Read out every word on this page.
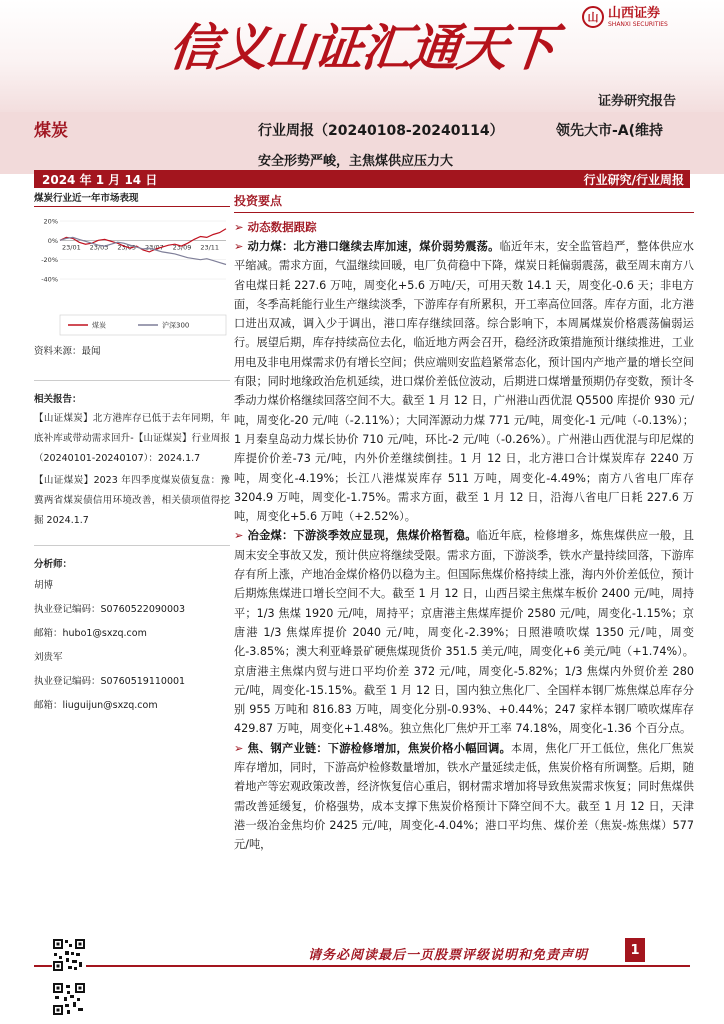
信义山证汇通天下
山 山西证券
SHANXI SECURITIES
证券研究报告
煤炭	行业周报（20240108-20240114）	领先大市-A(维持
安全形势严峻，主焦煤供应压力大
2024 年 1 月 14 日	行业研究/行业周报
煤炭行业近一年市场表现
20%
0%
-20%
-40%
23/01 23/03 23/05 23/07 23/09 23/11
煤炭	沪深300
资料来源：最闻
相关报告：
【山证煤炭】北方港库存已低于去年同期，年底补库或带动需求回升-【山证煤炭】行业周报（20240101-20240107）：2024.1.7
【山证煤炭】2023 年四季度煤炭债复盘：豫冀两省煤炭债信用环境改善，相关债项值得挖掘 2024.1.7
分析师：
胡博
执业登记编码：S0760522090003
邮箱：hubo1@sxzq.com
刘贵军
执业登记编码：S0760519110001
邮箱：liuguijun@sxzq.com
投资要点
➢ 动态数据跟踪

➢ 动力煤：北方港口继续去库加速，煤价弱势震荡。临近年末，安全监管趋严，整体供应水平缩减。需求方面，气温继续回暖，电厂负荷稳中下降，煤炭日耗偏弱震荡，截至周末南方八省电煤日耗 227.6 万吨，周变化+5.6 万吨/天，可用天数 14.1 天，周变化-0.6 天；非电方面，冬季高耗能行业生产继续淡季，下游库存有所累积，开工率高位回落。库存方面，北方港口进出双减，调入少于调出，港口库存继续回落。综合影响下，本周属煤炭价格震荡偏弱运行。展望后期，库存持续高位去化，临近地方两会召开，稳经济政策措施预计继续推进，工业用电及非电用煤需求仍有增长空间；供应端则安监趋紧常态化，预计国内产地产量的增长空间有限；同时地缘政治危机延续，进口煤价差低位波动，后期进口煤增量预期仍存变数，预计冬季动力煤价格继续回落空间不大。截至 1 月 12 日，广州港山西优混 Q5500 库提价 930 元/吨，周变化-20 元/吨（-2.11%）；大同浑源动力煤 771 元/吨，周变化-1 元/吨（-0.13%）；1 月秦皇岛动力煤长协价 710 元/吨，环比-2 元/吨（-0.26%）。广州港山西优混与印尼煤的库提价价差-73 元/吨，内外价差继续倒挂。1 月 12 日，北方港口合计煤炭库存 2240 万吨，周变化-4.19%；长江八港煤炭库存 511 万吨，周变化-4.49%；南方八省电厂库存 3204.9 万吨，周变化-1.75%。需求方面，截至 1 月 12 日，沿海八省电厂日耗 227.6 万吨，周变化+5.6 万吨（+2.52%）。

➢ 冶金煤：下游淡季效应显现，焦煤价格暂稳。临近年底，检修增多，炼焦煤供应一般，且周末安全事故又发，预计供应将继续受限。需求方面，下游淡季，铁水产量持续回落，下游库存有所上涨，产地冶金煤价格仍以稳为主。但国际焦煤价格持续上涨，海内外价差低位，预计后期炼焦煤进口增长空间不大。截至 1 月 12 日，山西吕梁主焦煤车板价 2400 元/吨，周持平；1/3 焦煤 1920 元/吨，周持平；京唐港主焦煤库提价 2580 元/吨，周变化-1.15%；京唐港 1/3 焦煤库提价 2040 元/吨，周变化-2.39%；日照港喷吹煤 1350 元/吨，周变化-3.85%；澳大利亚峰景矿硬焦煤现货价 351.5 美元/吨，周变化+6 美元/吨（+1.74%）。京唐港主焦煤内贸与进口平均价差 372 元/吨，周变化-5.82%；1/3 焦煤内外贸价差 280 元/吨，周变化-15.15%。截至 1 月 12 日，国内独立焦化厂、全国样本钢厂炼焦煤总库存分别 955 万吨和 816.83 万吨，周变化分别-0.93%、+0.44%；247 家样本钢厂喷吹煤库存 429.87 万吨，周变化+1.48%。独立焦化厂焦炉开工率 74.18%，周变化-1.36 个百分点。

➢ 焦、钢产业链：下游检修增加，焦炭价格小幅回调。本周，焦化厂开工低位，焦化厂焦炭库存增加，同时，下游高炉检修数量增加，铁水产量延续走低，焦炭价格有所调整。后期，随着地产等宏观政策改善，经济恢复信心重启，钢材需求增加将导致焦炭需求恢复；同时焦煤供需改善延缓复，价格强势，成本支撑下焦炭价格预计下降空间不大。截至 1 月 12 日，天津港一级冶金焦均价 2425 元/吨，周变化-4.04%；港口平均焦、煤价差（焦炭-炼焦煤）577 元/吨，

请务必阅读最后一页股票评级说明和免责声明	1
